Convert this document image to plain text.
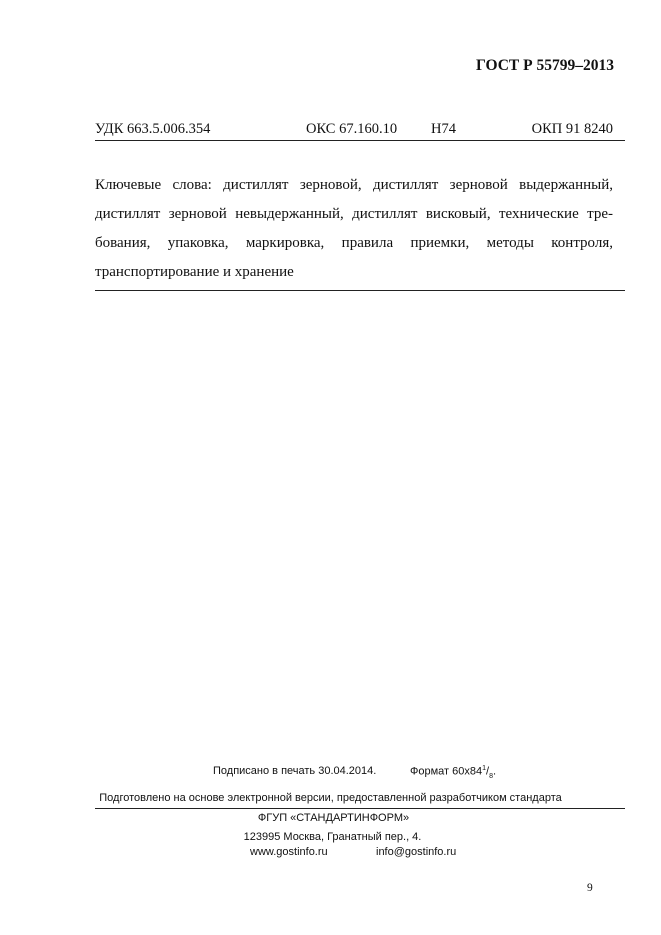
ГОСТ Р 55799–2013
УДК 663.5.006.354	ОКС 67.160.10 Н74	ОКП 91 8240
Ключевые слова: дистиллят зерновой, дистиллят зерновой выдержанный,
дистиллят зерновой невыдержанный, дистиллят висковый, технические тре-
бования, упаковка, маркировка, правила приемки, методы контроля,
транспортирование и хранение
Подписано в печать 30.04.2014.	Формат $60x84^1/_8$.
Подготовлено на основе электронной версии, предоставленной разработчиком стандарта
ФГУП «СТАНДАРТИНФОРМ»
123995 Москва, Гранатный пер., 4.
www.gostinfo.ru	info@gostinfo.ru
9
